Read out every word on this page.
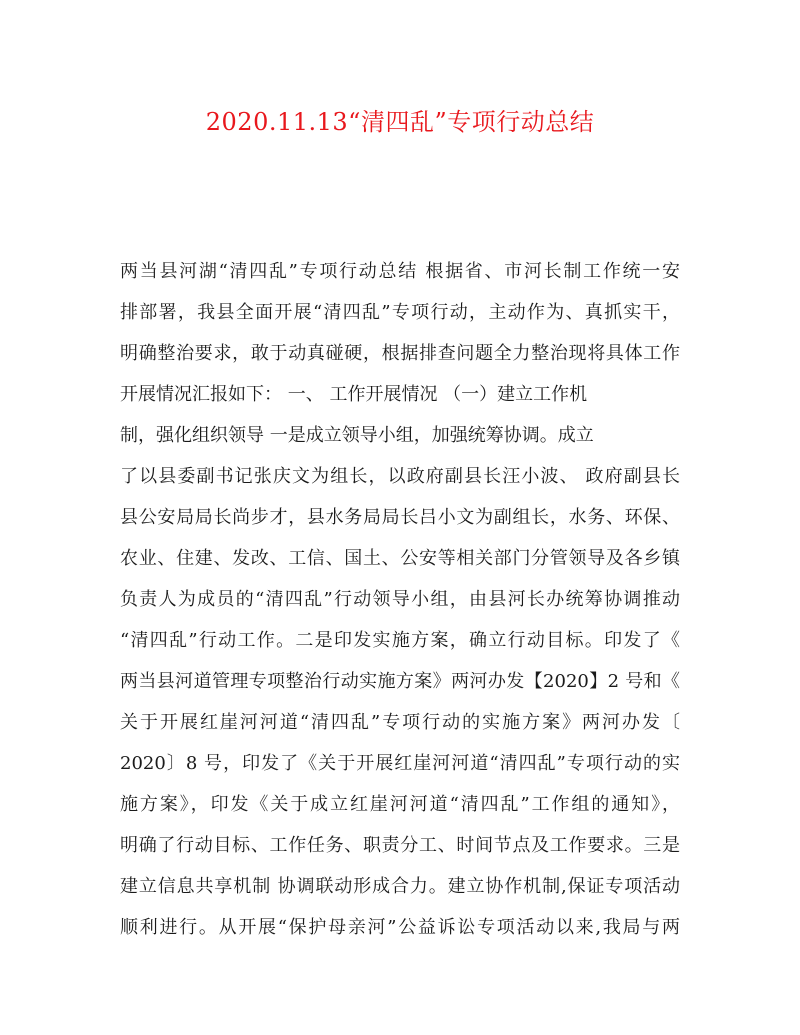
2020.11.13“清四乱”专项行动总结
两当县河湖“清四乱”专项行动总结 根据省、市河长制工作统一安
排部署，我县全面开展“清四乱”专项行动，主动作为、真抓实干，
明确整治要求，敢于动真碰硬，根据排查问题全力整治现将具体工作
开展情况汇报如下： 一、 工作开展情况 （一）建立工作机
制，强化组织领导 一是成立领导小组，加强统筹协调。成立
了以县委副书记张庆文为组长，以政府副县长汪小波、 政府副县长
县公安局局长尚步才，县水务局局长吕小文为副组长，水务、环保、
农业、住建、发改、工信、国土、公安等相关部门分管领导及各乡镇
负责人为成员的“清四乱”行动领导小组，由县河长办统筹协调推动
“清四乱”行动工作。二是印发实施方案，确立行动目标。印发了《
两当县河道管理专项整治行动实施方案》两河办发【2020】2 号和《
关于开展红崖河河道“清四乱”专项行动的实施方案》两河办发〔
2020〕8 号，印发了《关于开展红崖河河道“清四乱”专项行动的实
施方案》，印发《关于成立红崖河河道“清四乱”工作组的通知》，
明确了行动目标、工作任务、职责分工、时间节点及工作要求。三是
建立信息共享机制 协调联动形成合力。建立协作机制,保证专项活动
顺利进行。从开展“保护母亲河”公益诉讼专项活动以来,我局与两
